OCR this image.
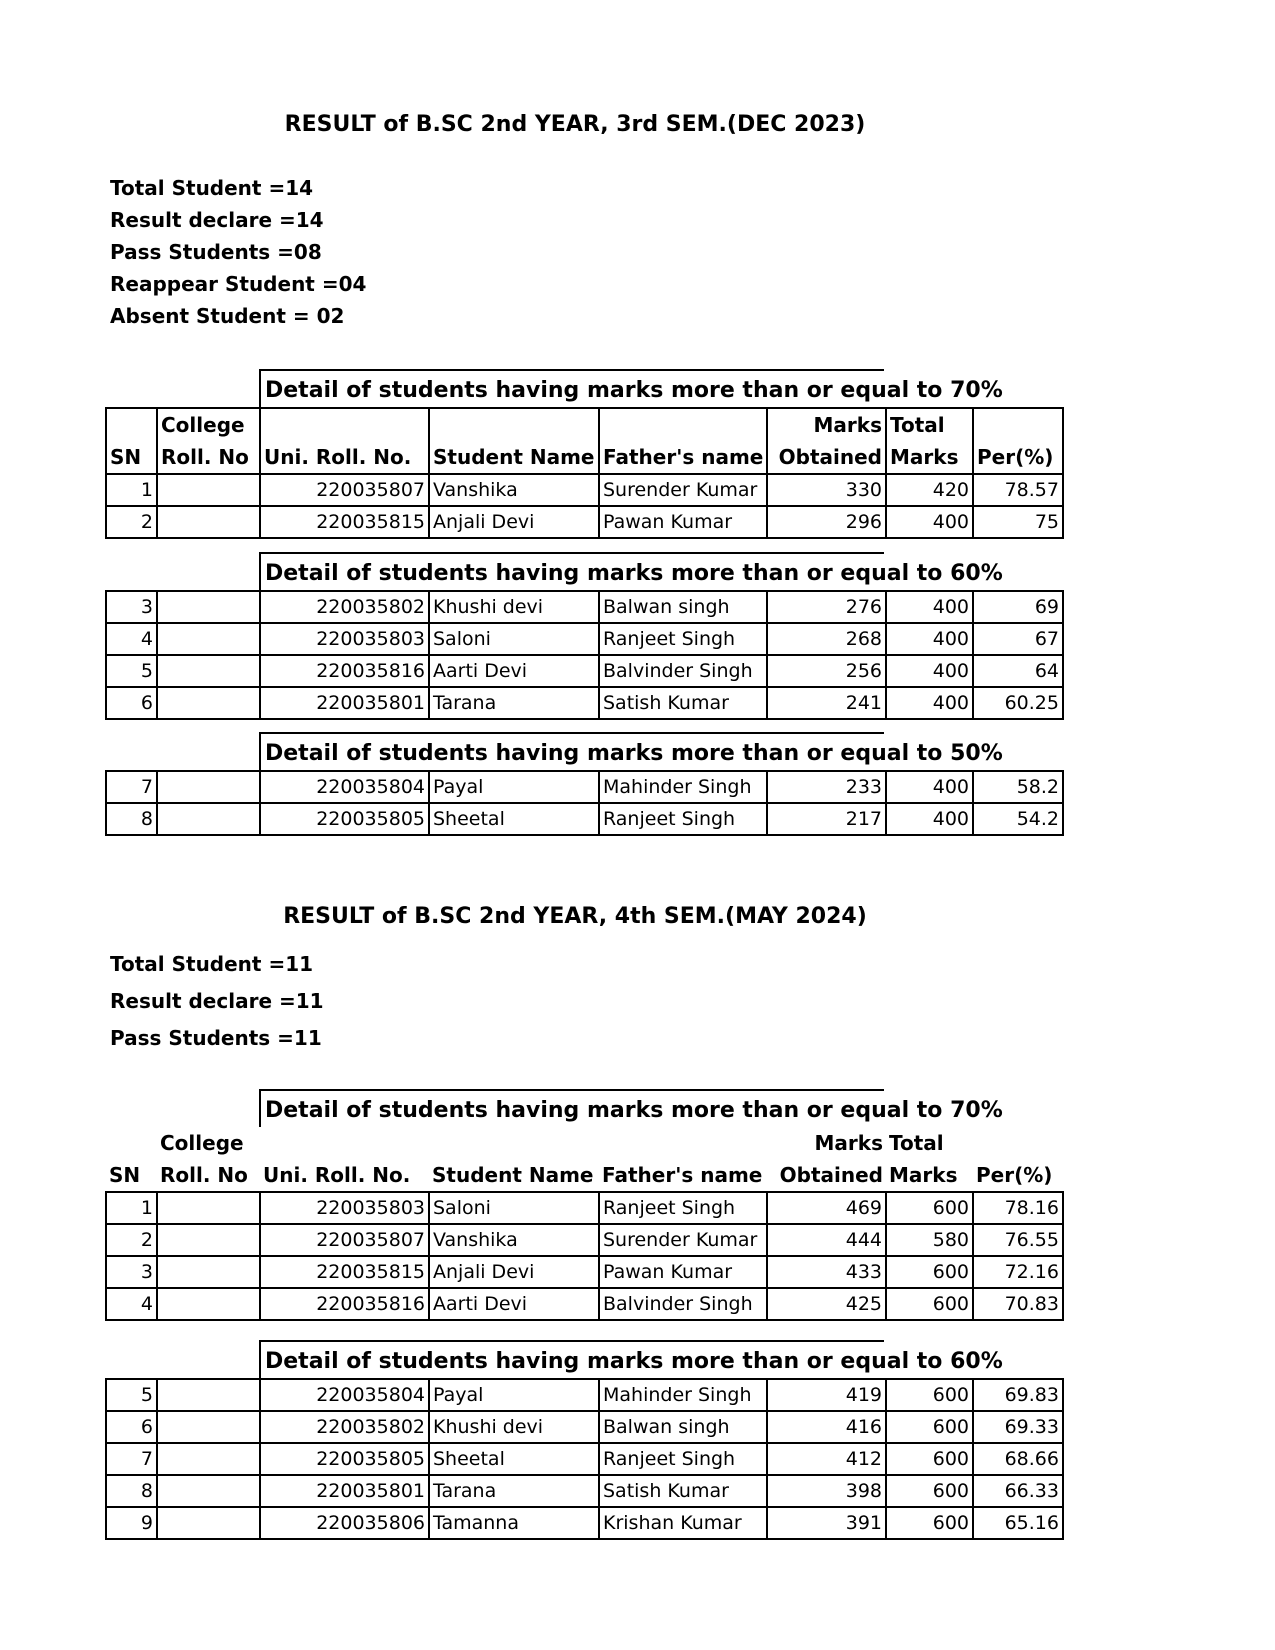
RESULT of B.SC 2nd YEAR, 3rd SEM.(DEC 2023)
Total Student =14
Result declare =14
Pass Students =08
Reappear Student =04
Absent Student = 02
Detail of students having marks more than or equal to 70%
	College				Marks	Total	
SN	Roll. No	Uni. Roll. No.	Student Name	Father's name	Obtained	Marks	Per(%)
1		220035807	Vanshika	Surender Kumar	330	420	78.57
2		220035815	Anjali Devi	Pawan Kumar	296	400	75
Detail of students having marks more than or equal to 60%
3		220035802	Khushi devi	Balwan singh	276	400	69
4		220035803	Saloni	Ranjeet Singh	268	400	67
5		220035816	Aarti Devi	Balvinder Singh	256	400	64
6		220035801	Tarana	Satish Kumar	241	400	60.25
Detail of students having marks more than or equal to 50%
7		220035804	Payal	Mahinder Singh	233	400	58.2
8		220035805	Sheetal	Ranjeet Singh	217	400	54.2
RESULT of B.SC 2nd YEAR, 4th SEM.(MAY 2024)
Total Student =11
Result declare =11
Pass Students =11
Detail of students having marks more than or equal to 70%
	College				Marks	Total	
SN	Roll. No	Uni. Roll. No.	Student Name	Father's name	Obtained	Marks	Per(%)
1		220035803	Saloni	Ranjeet Singh	469	600	78.16
2		220035807	Vanshika	Surender Kumar	444	580	76.55
3		220035815	Anjali Devi	Pawan Kumar	433	600	72.16
4		220035816	Aarti Devi	Balvinder Singh	425	600	70.83
Detail of students having marks more than or equal to 60%
5		220035804	Payal	Mahinder Singh	419	600	69.83
6		220035802	Khushi devi	Balwan singh	416	600	69.33
7		220035805	Sheetal	Ranjeet Singh	412	600	68.66
8		220035801	Tarana	Satish Kumar	398	600	66.33
9		220035806	Tamanna	Krishan Kumar	391	600	65.16
